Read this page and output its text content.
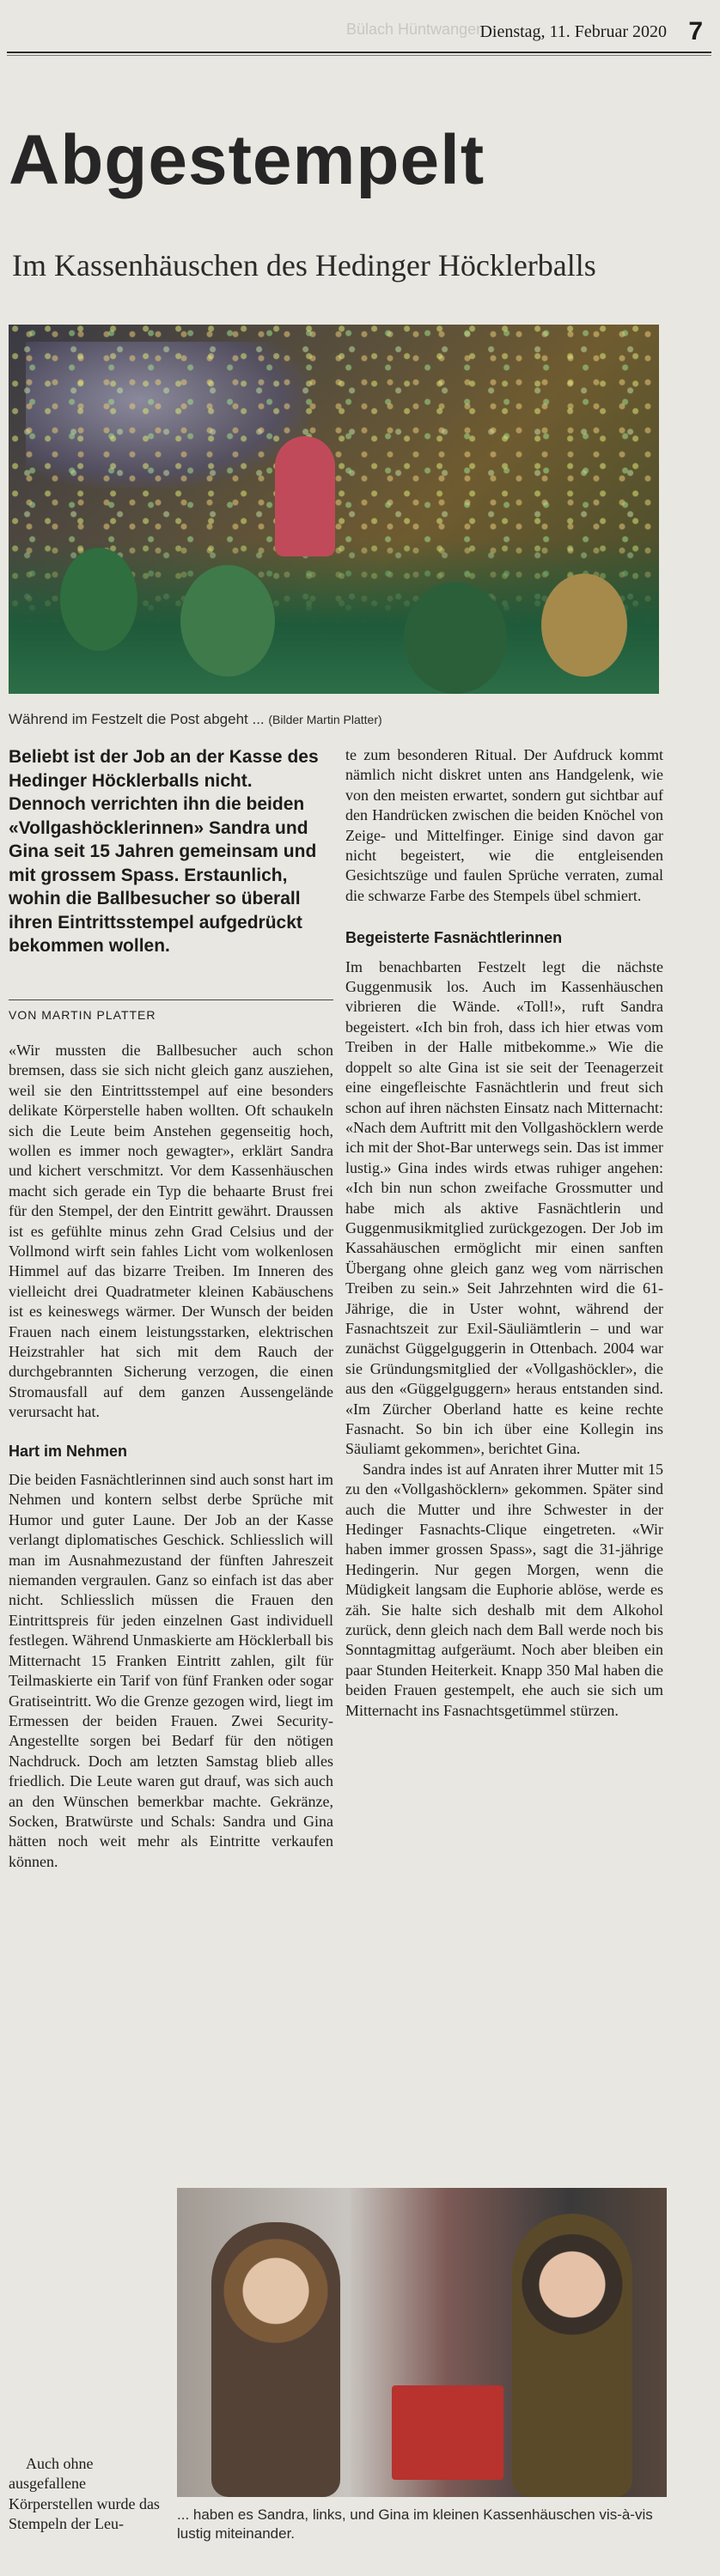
Bülach Hüntwangen
Dienstag, 11. Februar 2020 7
Abgestempelt
Im Kassenhäuschen des Hedinger Höcklerballs
Während im Festzelt die Post abgeht ... (Bilder Martin Platter)

Beliebt ist der Job an der Kasse des Hedinger Höcklerballs nicht. Dennoch verrichten ihn die beiden «Vollgashöcklerinnen» Sandra und Gina seit 15 Jahren gemeinsam und mit grossem Spass. Erstaunlich, wohin die Ballbesucher so überall ihren Eintrittsstempel aufgedrückt bekommen wollen.

VON MARTIN PLATTER

«Wir mussten die Ballbesucher auch schon bremsen, dass sie sich nicht gleich ganz ausziehen, weil sie den Eintrittsstempel auf eine besonders delikate Körperstelle haben wollten. Oft schaukeln sich die Leute beim Anstehen gegenseitig hoch, wollen es immer noch gewagter», erklärt Sandra und kichert verschmitzt. Vor dem Kassenhäuschen macht sich gerade ein Typ die behaarte Brust frei für den Stempel, der den Eintritt gewährt. Draussen ist es gefühlte minus zehn Grad Celsius und der Vollmond wirft sein fahles Licht vom wolkenlosen Himmel auf das bizarre Treiben. Im Inneren des vielleicht drei Quadratmeter kleinen Kabäuschens ist es keineswegs wärmer. Der Wunsch der beiden Frauen nach einem leistungsstarken, elektrischen Heizstrahler hat sich mit dem Rauch der durchgebrannten Sicherung verzogen, die einen Stromausfall auf dem ganzen Aussengelände verursacht hat.

Hart im Nehmen

Die beiden Fasnächtlerinnen sind auch sonst hart im Nehmen und kontern selbst derbe Sprüche mit Humor und guter Laune. Der Job an der Kasse verlangt diplomatisches Geschick. Schliesslich will man im Ausnahmezustand der fünften Jahreszeit niemanden vergraulen. Ganz so einfach ist das aber nicht. Schliesslich müssen die Frauen den Eintrittspreis für jeden einzelnen Gast individuell festlegen. Während Unmaskierte am Höcklerball bis Mitternacht 15 Franken Eintritt zahlen, gilt für Teilmaskierte ein Tarif von fünf Franken oder sogar Gratiseintritt. Wo die Grenze gezogen wird, liegt im Ermessen der beiden Frauen. Zwei Security-Angestellte sorgen bei Bedarf für den nötigen Nachdruck. Doch am letzten Samstag blieb alles friedlich. Die Leute waren gut drauf, was sich auch an den Wünschen bemerkbar machte. Gekränze, Socken, Bratwürste und Schals: Sandra und Gina hätten noch weit mehr als Eintritte verkaufen können.

te zum besonderen Ritual. Der Aufdruck kommt nämlich nicht diskret unten ans Handgelenk, wie von den meisten erwartet, sondern gut sichtbar auf den Handrücken zwischen die beiden Knöchel von Zeige- und Mittelfinger. Einige sind davon gar nicht begeistert, wie die entgleisenden Gesichtszüge und faulen Sprüche verraten, zumal die schwarze Farbe des Stempels übel schmiert.

Begeisterte Fasnächtlerinnen

Im benachbarten Festzelt legt die nächste Guggenmusik los. Auch im Kassenhäuschen vibrieren die Wände. «Toll!», ruft Sandra begeistert. «Ich bin froh, dass ich hier etwas vom Treiben in der Halle mitbekomme.» Wie die doppelt so alte Gina ist sie seit der Teenagerzeit eine eingefleischte Fasnächtlerin und freut sich schon auf ihren nächsten Einsatz nach Mitternacht: «Nach dem Auftritt mit den Vollgashöcklern werde ich mit der Shot-Bar unterwegs sein. Das ist immer lustig.» Gina indes wirds etwas ruhiger angehen: «Ich bin nun schon zweifache Grossmutter und habe mich als aktive Fasnächtlerin und Guggenmusikmitglied zurückgezogen. Der Job im Kassahäuschen ermöglicht mir einen sanften Übergang ohne gleich ganz weg vom närrischen Treiben zu sein.» Seit Jahrzehnten wird die 61-Jährige, die in Uster wohnt, während der Fasnachtszeit zur Exil-Säuliämtlerin – und war zunächst Güggelguggerin in Ottenbach. 2004 war sie Gründungsmitglied der «Vollgashöckler», die aus den «Güggelguggern» heraus entstanden sind. «Im Zürcher Oberland hatte es keine rechte Fasnacht. So bin ich über eine Kollegin ins Säuliamt gekommen», berichtet Gina.

Sandra indes ist auf Anraten ihrer Mutter mit 15 zu den «Vollgashöcklern» gekommen. Später sind auch die Mutter und ihre Schwester in der Hedinger Fasnachts-Clique eingetreten. «Wir haben immer grossen Spass», sagt die 31-jährige Hedingerin. Nur gegen Morgen, wenn die Müdigkeit langsam die Euphorie ablöse, werde es zäh. Sie halte sich deshalb mit dem Alkohol zurück, denn gleich nach dem Ball werde noch bis Sonntagmittag aufgeräumt. Noch aber bleiben ein paar Stunden Heiterkeit. Knapp 350 Mal haben die beiden Frauen gestempelt, ehe auch sie sich um Mitternacht ins Fasnachtsgetümmel stürzen.

Auch ohne ausgefallene Körperstellen wurde das Stempeln der Leu-

... haben es Sandra, links, und Gina im kleinen Kassenhäuschen vis-à-vis lustig miteinander.
